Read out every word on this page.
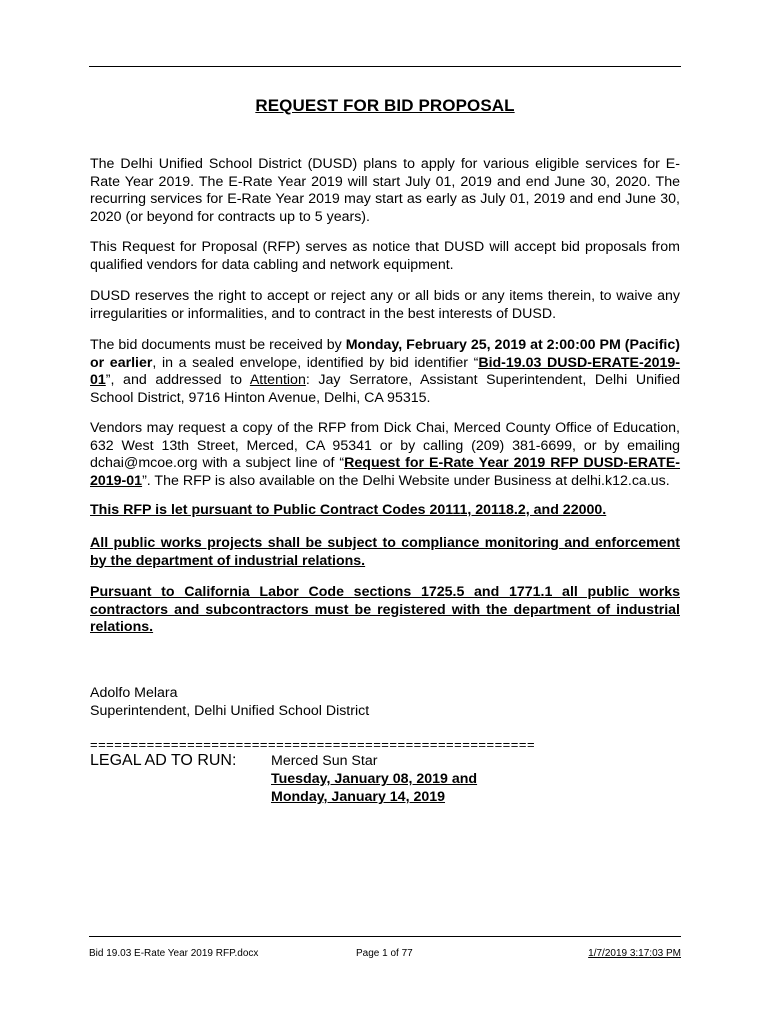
REQUEST FOR BID PROPOSAL

The Delhi Unified School District (DUSD) plans to apply for various eligible services for E-Rate Year 2019. The E-Rate Year 2019 will start July 01, 2019 and end June 30, 2020. The recurring services for E-Rate Year 2019 may start as early as July 01, 2019 and end June 30, 2020 (or beyond for contracts up to 5 years).

This Request for Proposal (RFP) serves as notice that DUSD will accept bid proposals from qualified vendors for data cabling and network equipment.

DUSD reserves the right to accept or reject any or all bids or any items therein, to waive any irregularities or informalities, and to contract in the best interests of DUSD.

The bid documents must be received by Monday, February 25, 2019 at 2:00:00 PM (Pacific) or earlier, in a sealed envelope, identified by bid identifier “Bid-19.03 DUSD-ERATE-2019-01”, and addressed to Attention: Jay Serratore, Assistant Superintendent, Delhi Unified School District, 9716 Hinton Avenue, Delhi, CA 95315.

Vendors may request a copy of the RFP from Dick Chai, Merced County Office of Education, 632 West 13th Street, Merced, CA 95341 or by calling (209) 381-6699, or by emailing dchai@mcoe.org with a subject line of “Request for E-Rate Year 2019 RFP DUSD-ERATE-2019-01”. The RFP is also available on the Delhi Website under Business at delhi.k12.ca.us.

This RFP is let pursuant to Public Contract Codes 20111, 20118.2, and 22000.

All public works projects shall be subject to compliance monitoring and enforcement by the department of industrial relations.

Pursuant to California Labor Code sections 1725.5 and 1771.1 all public works contractors and subcontractors must be registered with the department of industrial relations.

Adolfo Melara
Superintendent, Delhi Unified School District
=======================================================
LEGAL AD TO RUN: Merced Sun Star
Tuesday, January 08, 2019 and
Monday, January 14, 2019
Bid 19.03 E-Rate Year 2019 RFP.docx	Page 1 of 77	1/7/2019 3:17:03 PM
